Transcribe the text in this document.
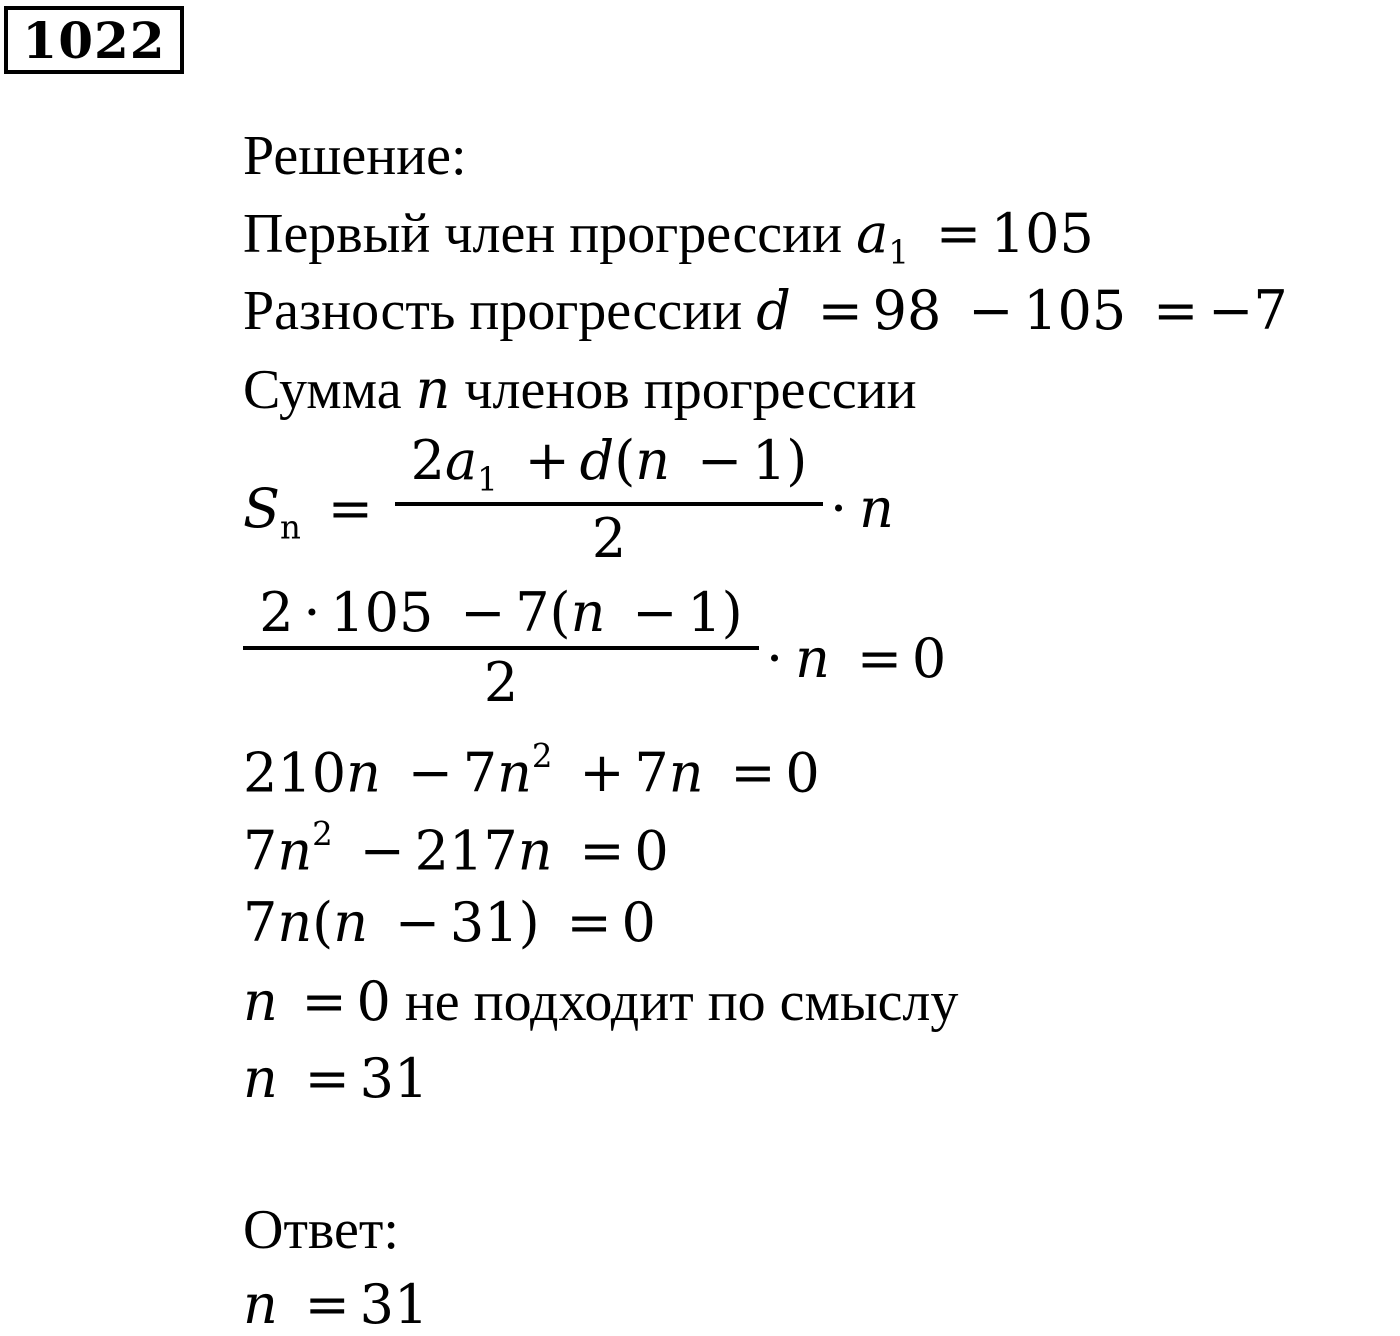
1022
Решение:
Первый член прогрессии $a_1 = 105$
Разность прогрессии d = 98 − 105 = −7
Сумма n членов прогрессии
$S_n$ =
$2a_1 + d(n - 1)$
2	· n
2 · 105 − 7(n − 1)
2	· n = 0
$210n - 7n^2 + 7n = 0$
$7n^2 - 217n = 0$
7n(n − 31) = 0
n = 0 не подходит по смыслу
n = 31
Ответ:
n = 31
